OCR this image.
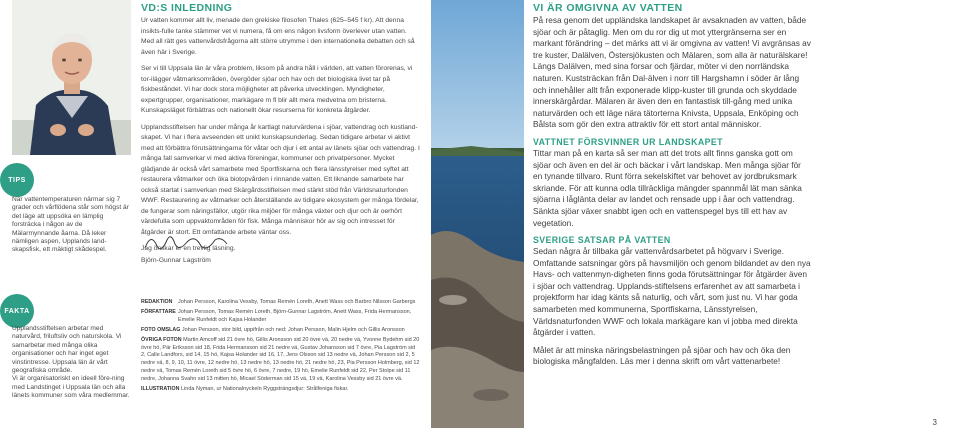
TIPS

När vattentemperaturen närmar sig 7 grader och vårflödena står som högst är det läge att uppsöka en lämplig forsträcka i någon av de Mälarmynnande åarna. Då leker nämligen aspen, Upplands land-skapsfisk, ett mäktigt skådespel.

FAKTA

Upplandsstiftelsen arbetar med naturvård, friluftsliv och naturskola. Vi samarbetar med många olika organisationer och har inget eget vinstintresse. Uppsala län är vårt geografiska område.

Vi är organisatoriskt en ideell före-ning med Landstinget i Uppsala län och alla länets kommuner som våra medlemmar.

VD:S INLEDNING

Ur vatten kommer allt liv, menade den grekiske filosofen Thales (625–545 f kr). Att denna insikts-fulle tanke stämmer vet vi numera, få om ens någon livsform överlever utan vatten. Med all rätt ges vattenvårdsfrågorna allt större utrymme i den internationella debatten och så även här i Sverige.

Ser vi till Uppsala län är våra problem, liksom på andra håll i världen, att vatten förorenas, vi tor-ilägger våtmarksområden, övergöder sjöar och hav och det biologiska livet tar på fiskbeståndet. Vi har dock stora möjligheter att påverka utvecklingen. Myndigheter, expertgrupper, organisationer, markägare m fl blir allt mera medvetna om bristerna. Kunskapsläget förbättras och nationellt ökar resurserna för konkreta åtgärder.

Upplandsstiftelsen har under många år kartlagt naturvärdena i sjöar, vattendrag och kustland-skapet. Vi har i flera avseenden ett unikt kunskapsunderlag. Sedan tidigare arbetar vi aktivt med att förbättra förutsättningarna för våtar och djur i ett antal av länets sjöar och vattendrag. I många fall samverkar vi med aktiva föreningar, kommuner och privatpersoner. Mycket glädjande är också vårt samarbete med Sportfiskarna och flera länsstyrelser med syftet att restaurera våtmarker och öka biotopvården i rinnande vatten. Ett liknande samarbete har också startat i samverkan med Skärgårdsstiftelsen med stärkt stöd från Världsnaturfonden WWF. Restaurering av våtmarker och återställande av tidigare ekosystem ger många fördelar, de fungerar som näringsfällor, utgör rika miljöer för många växter och djur och är oerhört värdefulla som uppvaktområden för fisk. Många människor hör av sig och intresset för åtgärder är stort. Ett omfattande arbete väntar oss.

Jag önskar er en trevlig läsning.

Björn-Gunnar Lagström
REDAKTION	Johan Persson, Karolina Vessby, Tomas Remén Loreth, Anett Wass och Barbro Nilsson Garbergs
FÖRFATTARE Johan Persson, Tomas Remén Loreth, Björn-Gunnar Lagström, Anett Wass, Frida Hermansson, Emelie Runfeldt och Kajsa Holander
FOTO OMSLAG Johan Persson, stor bild, uppifrån och ned: Johan Persson, Malin Hjelm och Gillis Aronsson
ÖVRIGA FOTON Martin Amcoff sid 21 övre hö, Gillis Aronsson sid 20 övre vä, 20 nedre vä, Yvonne Bydehm sid 20 övre hö, Pär Eriksson sid 18, Frida Hermansson sid 21 nedre vä, Gustav Johansson sid 7 övre, Pia Lagström sid 2, Calle Landfors, sid 14, 15 hö, Kajsa Holander sid 16, 17, Jens Olsson sid 13 nedre vä, Johan Persson sid 2, 5 nedre vä, 8, 9, 10, 11 övre, 12 nedre hö, 13 nedre hö, 13 nedre hö, 21 nedre hö, 23, Pia Persson Holmberg, sid 12 nedre vä, Tomas Remén Loreth sid 5 övre hö, 6 övre, 7 nedre, 19 hö, Emelie Runfeldt sid 22, Per Stolpe sid 11 nedre, Johanna Svahn sid 13 mitten hö, Micael Söderman sid 15 vä, 19 vä, Karolina Vessby sid 21 övre vä.
ILLUSTRATION Linda Nyman, ur Nationalnyckeln Ryggsträngsdjur: Strålfeniga fiskar.
VI ÄR OMGIVNA AV VATTEN

På resa genom det uppländska landskapet är avsaknaden av vatten, både sjöar och är påtaglig. Men om du ror dig ut mot yttergränserna ser en markant förändring – det märks att vi är omgivna av vatten! Vi avgränsas av tre kuster, Dalälven, Östersjökusten och Mälaren, som alla är naturälskare! Längs Dalälven, med sina forsar och fjärdar, möter vi den norrländska naturen. Kuststräckan från Dal-älven i norr till Hargshamn i söder är lång och innehåller allt från exponerade klipp-kuster till grunda och skyddade innerskärgårdar. Mälaren är även den en fantastisk till-gång med unika naturvärden och ett läge nära tätorterna Knivsta, Uppsala, Enköping och Bålsta som gör den extra attraktiv för ett stort antal människor.

VATTNET FÖRSVINNER UR LANDSKAPET

Tittar man på en karta så ser man att det trots allt finns ganska gott om sjöar och även en del är och bäckar i vårt landskap. Men många sjöar för en tynande tillvaro. Runt förra sekelskiftet var behovet av jordbruksmark skriande. För att kunna odla tillräckliga mängder spannmål lät man sänka sjöarna i låglänta delar av landet och rensade upp i åar och vattendrag. Sänkta sjöar växer snabbt igen och en vattenspegel bys till ett hav av vegetation.

SVERIGE SATSAR PÅ VATTEN

Sedan några år tillbaka går vattenvårdsarbetet på högvarv i Sverige. Omfattande satsningar görs på havsmiljön och genom bildandet av den nya Havs- och vattenmyn-digheten finns goda förutsättningar för åtgärder även i sjöar och vattendrag. Upplands-stiftelsens erfarenhet av att samarbeta i projektform har idag känts så naturlig, och vårt, som just nu. Vi har goda samarbeten med kommunerna, Sportfiskarna, Länsstyrelsen, Världsnaturfonden WWF och lokala markägare kan vi jobba med direkta åtgärder i vatten.

Målet är att minska näringsbelastningen på sjöar och hav och öka den biologiska mångfalden. Läs mer i denna skrift om vårt vattenarbete!

3
